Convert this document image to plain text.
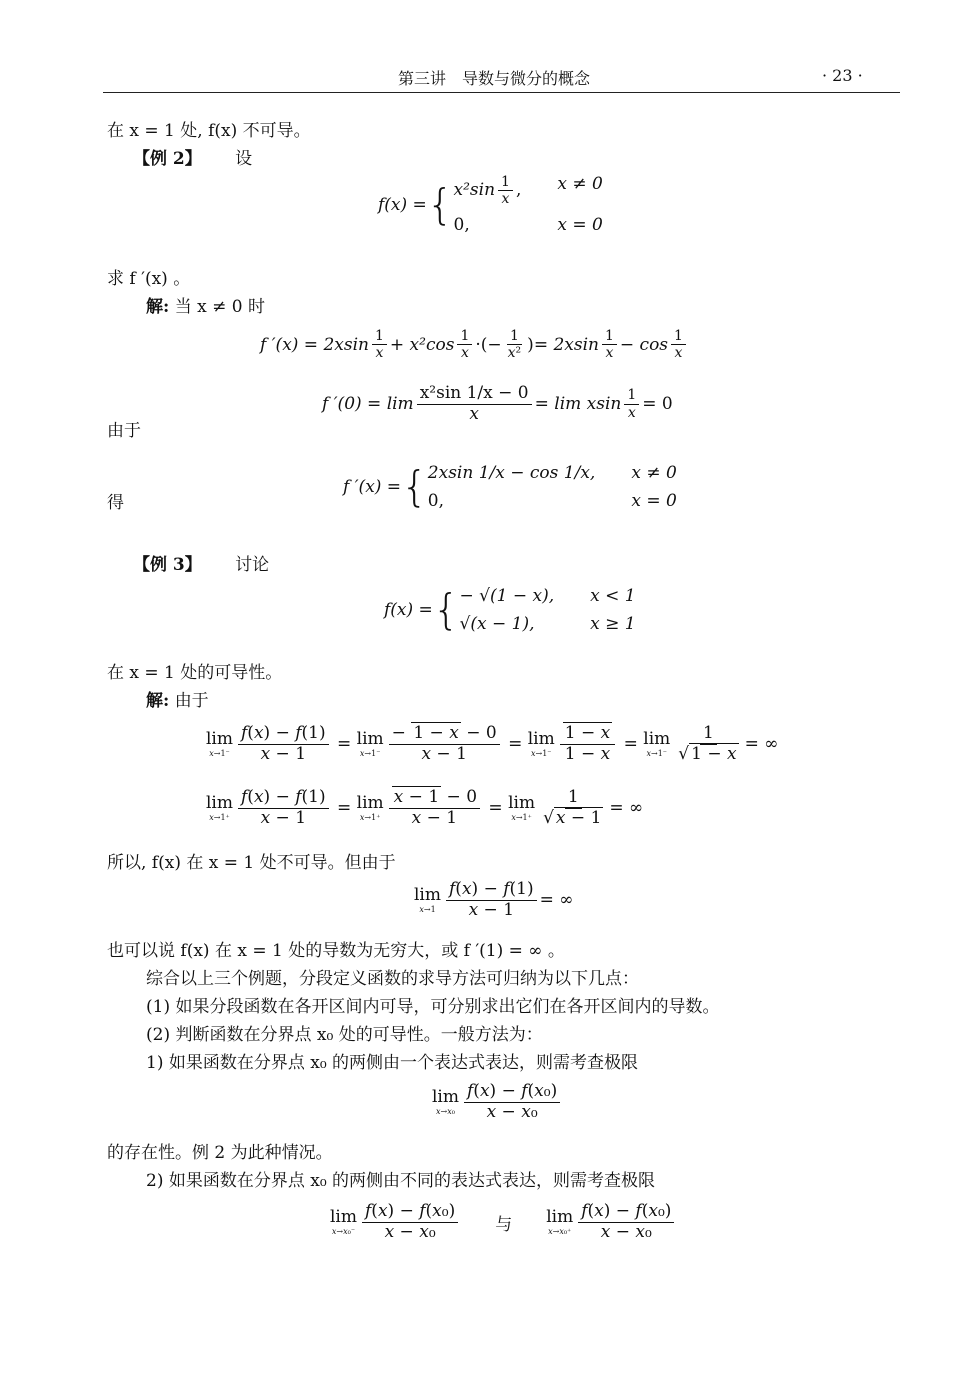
第三讲　导数与微分的概念	· 23 ·
在 x = 1 处, f(x) 不可导。
【例 2】 设
f(x) = { $x^2\sin \frac{1}{x}$ , x ≠ 0
0,	x = 0
求 f ′(x) 。
解: 当 x ≠ 0 时
f $'(x) = 2xsin \frac{1}{x} + x^2\cos \frac{1}{x}$ ·(− $\frac{1}{\text{x²}}$ ) = $2xsin \frac{1}{x} - \cos \frac{1}{x}$
由于
f $'(0) = \lim \frac{\text{x²sin 1/x − 0}}{x} = \lim xsin \frac{1}{x} = 0$
得
f ′(x) = { 2xsin 1/x − cos 1/x, x ≠ 0
0,	x = 0
【例 3】 讨论
f(x) = { − √(1 − x), x < 1
√(x − 1),	x ≥ 1
在 x = 1 处的可导性。
解: 由于
lim
$x\to 1^- \frac{f(x) - f(1)}{x - 1} = \lim$
$x\to 1^- \frac{- 1 - x - 0}{x - 1} = \lim$
$x\to 1^- \frac{1 - x}{1 - x} = \lim$
$x\to 1^- \frac{1}{√ 1 - x}$ = ∞
lim
$x\to 1^+ \frac{f(x) - f(1)}{x - 1} = \lim$
$x\to 1^+ \frac{x - 1 - 0}{x - 1} = \lim$
$x\to 1^+ \frac{1}{√ x - 1}$ = ∞
所以, f(x) 在 x = 1 处不可导。但由于
lim
$x\to 1 \frac{f(x) - f(1)}{x - 1}$ = ∞
也可以说 f(x) 在 x = 1 处的导数为无穷大，或 f ′(1) = ∞ 。
综合以上三个例题，分段定义函数的求导方法可归纳为以下几点：
(1) 如果分段函数在各开区间内可导，可分别求出它们在各开区间内的导数。
(2) 判断函数在分界点 x₀ 处的可导性。一般方法为：
1) 如果函数在分界点 x₀ 的两侧由一个表达式表达，则需考查极限
lim
$x\to x_0 \frac{\text{f(x) − f(x₀)}}{\text{x − x₀}}$
的存在性。例 2 为此种情况。
2) 如果函数在分界点 x₀ 的两侧由不同的表达式表达，则需考查极限
lim
$x\to x_0^- \frac{\text{f(x) − f(x₀)}}{\text{x − x₀}}$ 与 lim
$x\to x_0^+ \frac{\text{f(x) − f(x₀)}}{\text{x − x₀}}$
